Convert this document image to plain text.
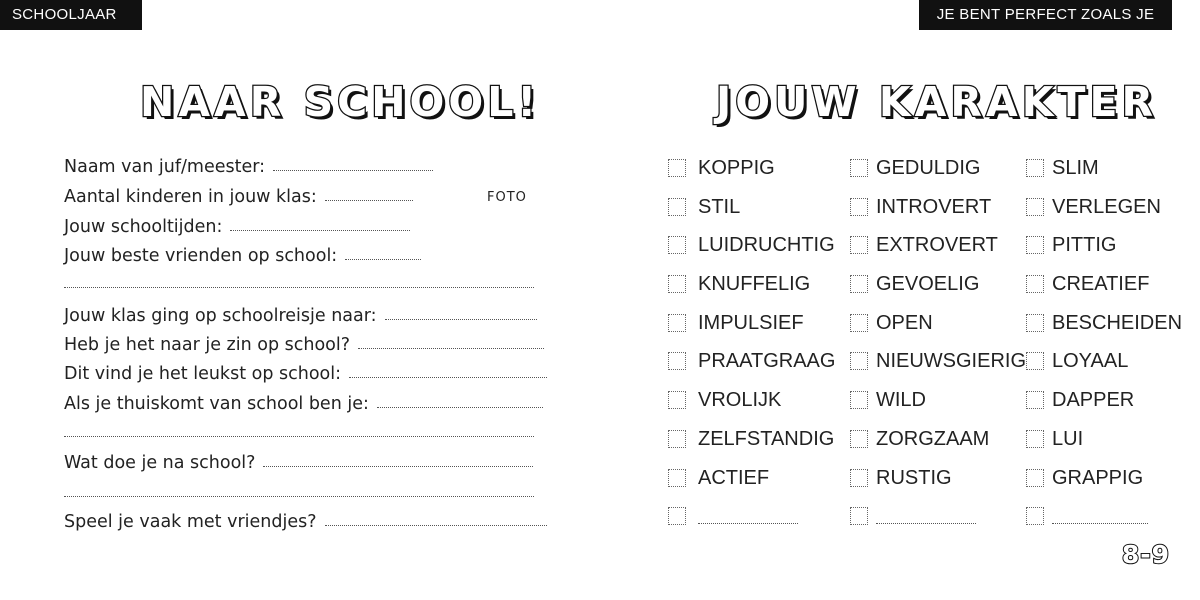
SCHOOLJAAR	JE BENT PERFECT ZOALS JE BENT
NAAR SCHOOL!
Naam van juf/meester:
Aantal kinderen in jouw klas:	FOTO
Jouw schooltijden:
Jouw beste vrienden op school:
Jouw klas ging op schoolreisje naar:
Heb je het naar je zin op school?
Dit vind je het leukst op school:
Als je thuiskomt van school ben je:
Wat doe je na school?
Speel je vaak met vriendjes?
JOUW KARAKTER
KOPPIG
STIL
LUIDRUCHTIG
KNUFFELIG
IMPULSIEF
PRAATGRAAG
VROLIJK
ZELFSTANDIG
ACTIEF
GEDULDIG
INTROVERT
EXTROVERT
GEVOELIG
OPEN
NIEUWSGIERIG
WILD
ZORGZAAM
RUSTIG
SLIM
VERLEGEN
PITTIG
CREATIEF
BESCHEIDEN
LOYAAL
DAPPER
LUI
GRAPPIG
8-9
